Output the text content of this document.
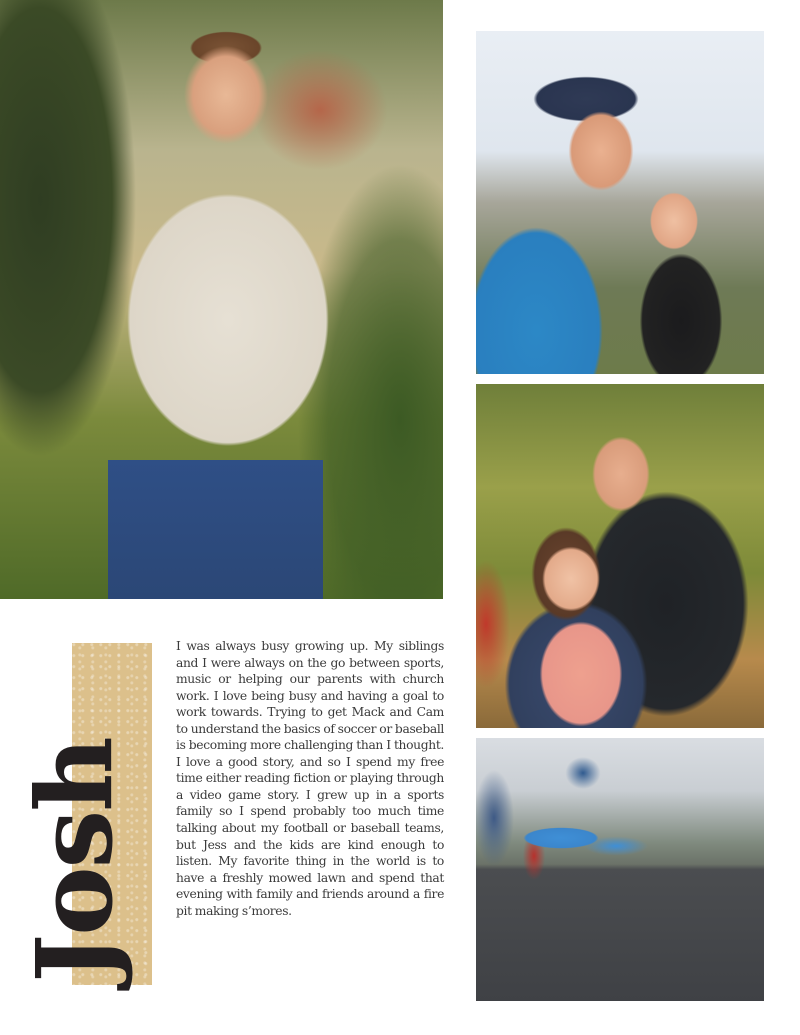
Josh

I was always busy growing up. My siblings and I were always on the go between sports, music or helping our parents with church work. I love being busy and having a goal to work towards. Trying to get Mack and Cam to understand the basics of soccer or baseball is becoming more challenging than I thought. I love a good story, and so I spend my free time either reading fiction or playing through a video game story. I grew up in a sports family so I spend probably too much time talking about my football or baseball teams, but Jess and the kids are kind enough to listen. My favorite thing in the world is to have a freshly mowed lawn and spend that evening with family and friends around a fire pit making s’mores.
